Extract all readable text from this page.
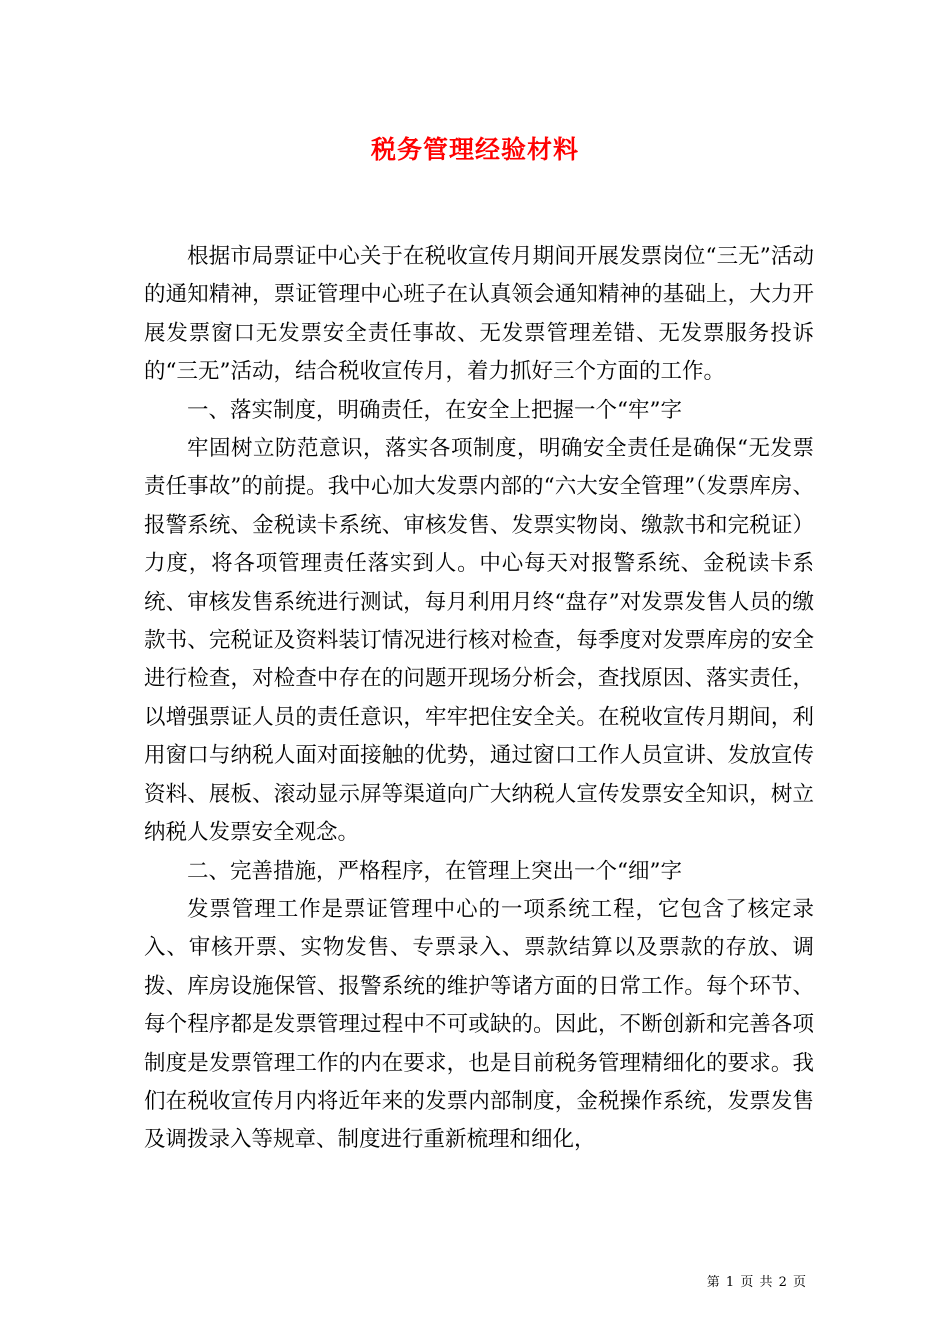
税务管理经验材料

根据市局票证中心关于在税收宣传月期间开展发票岗位“三无”活动的通知精神，票证管理中心班子在认真领会通知精神的基础上，大力开展发票窗口无发票安全责任事故、无发票管理差错、无发票服务投诉的“三无”活动，结合税收宣传月，着力抓好三个方面的工作。

一、落实制度，明确责任，在安全上把握一个“牢”字

牢固树立防范意识，落实各项制度，明确安全责任是确保“无发票责任事故”的前提。我中心加大发票内部的“六大安全管理”（发票库房、报警系统、金税读卡系统、审核发售、发票实物岗、缴款书和完税证）力度，将各项管理责任落实到人。中心每天对报警系统、金税读卡系统、审核发售系统进行测试，每月利用月终“盘存”对发票发售人员的缴款书、完税证及资料装订情况进行核对检查，每季度对发票库房的安全进行检查，对检查中存在的问题开现场分析会，查找原因、落实责任，以增强票证人员的责任意识，牢牢把住安全关。在税收宣传月期间，利用窗口与纳税人面对面接触的优势，通过窗口工作人员宣讲、发放宣传资料、展板、滚动显示屏等渠道向广大纳税人宣传发票安全知识，树立纳税人发票安全观念。

二、完善措施，严格程序，在管理上突出一个“细”字

发票管理工作是票证管理中心的一项系统工程，它包含了核定录入、审核开票、实物发售、专票录入、票款结算以及票款的存放、调拨、库房设施保管、报警系统的维护等诸方面的日常工作。每个环节、每个程序都是发票管理过程中不可或缺的。因此，不断创新和完善各项制度是发票管理工作的内在要求，也是目前税务管理精细化的要求。我们在税收宣传月内将近年来的发票内部制度，金税操作系统，发票发售及调拨录入等规章、制度进行重新梳理和细化，

第 1 页 共 2 页
